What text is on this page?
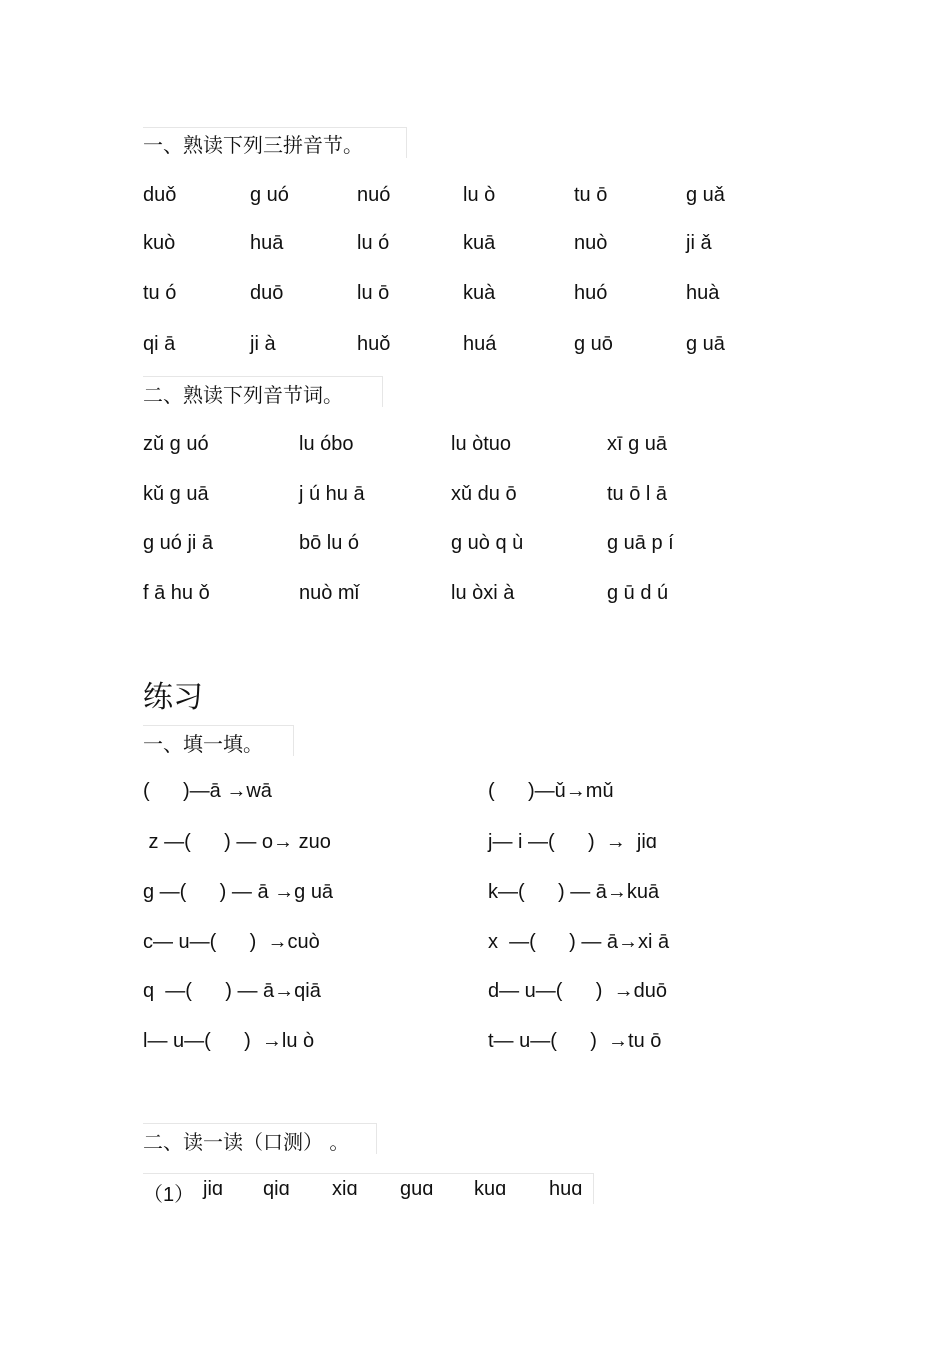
一、熟读下列三拼音节。
duǒ	g uó	nuó	lu ò	tu ō	g uǎ
kuò	huā	lu ó	kuā	nuò	ji ǎ
tu ó	duō	lu ō	kuà	huó	huà
qi ā	ji à	huǒ	huá	g uō	g uā
二、熟读下列音节词。
zǔ g uó	lu óbo	lu òtuo	xī g uā
kǔ g uā	j ú hu ā	xǔ du ō	tu ō l ā
g uó ji ā	bō lu ó	g uò q ù	g uā p í
f ā hu ǒ	nuò mǐ	lu òxi à	g ū d ú
练习
一、填一填。
(      )—ā →wā	(      )—ǔ→mǔ
z —(      ) — o→ zuo	j— i —(      )  →  jiɑ
g —(      ) — ā →g uā	k—(      ) — ā→kuā
c— u—(      )  →cuò	x  —(      ) — ā→xi ā
q  —(      ) — ā→qiā	d— u—(      )  →duō
l— u—(      )  →lu ò	t— u—(      )  →tu ō
二、读一读（口测） 。
（1） jiɑ qiɑ xiɑ guɑ kuɑ huɑ
